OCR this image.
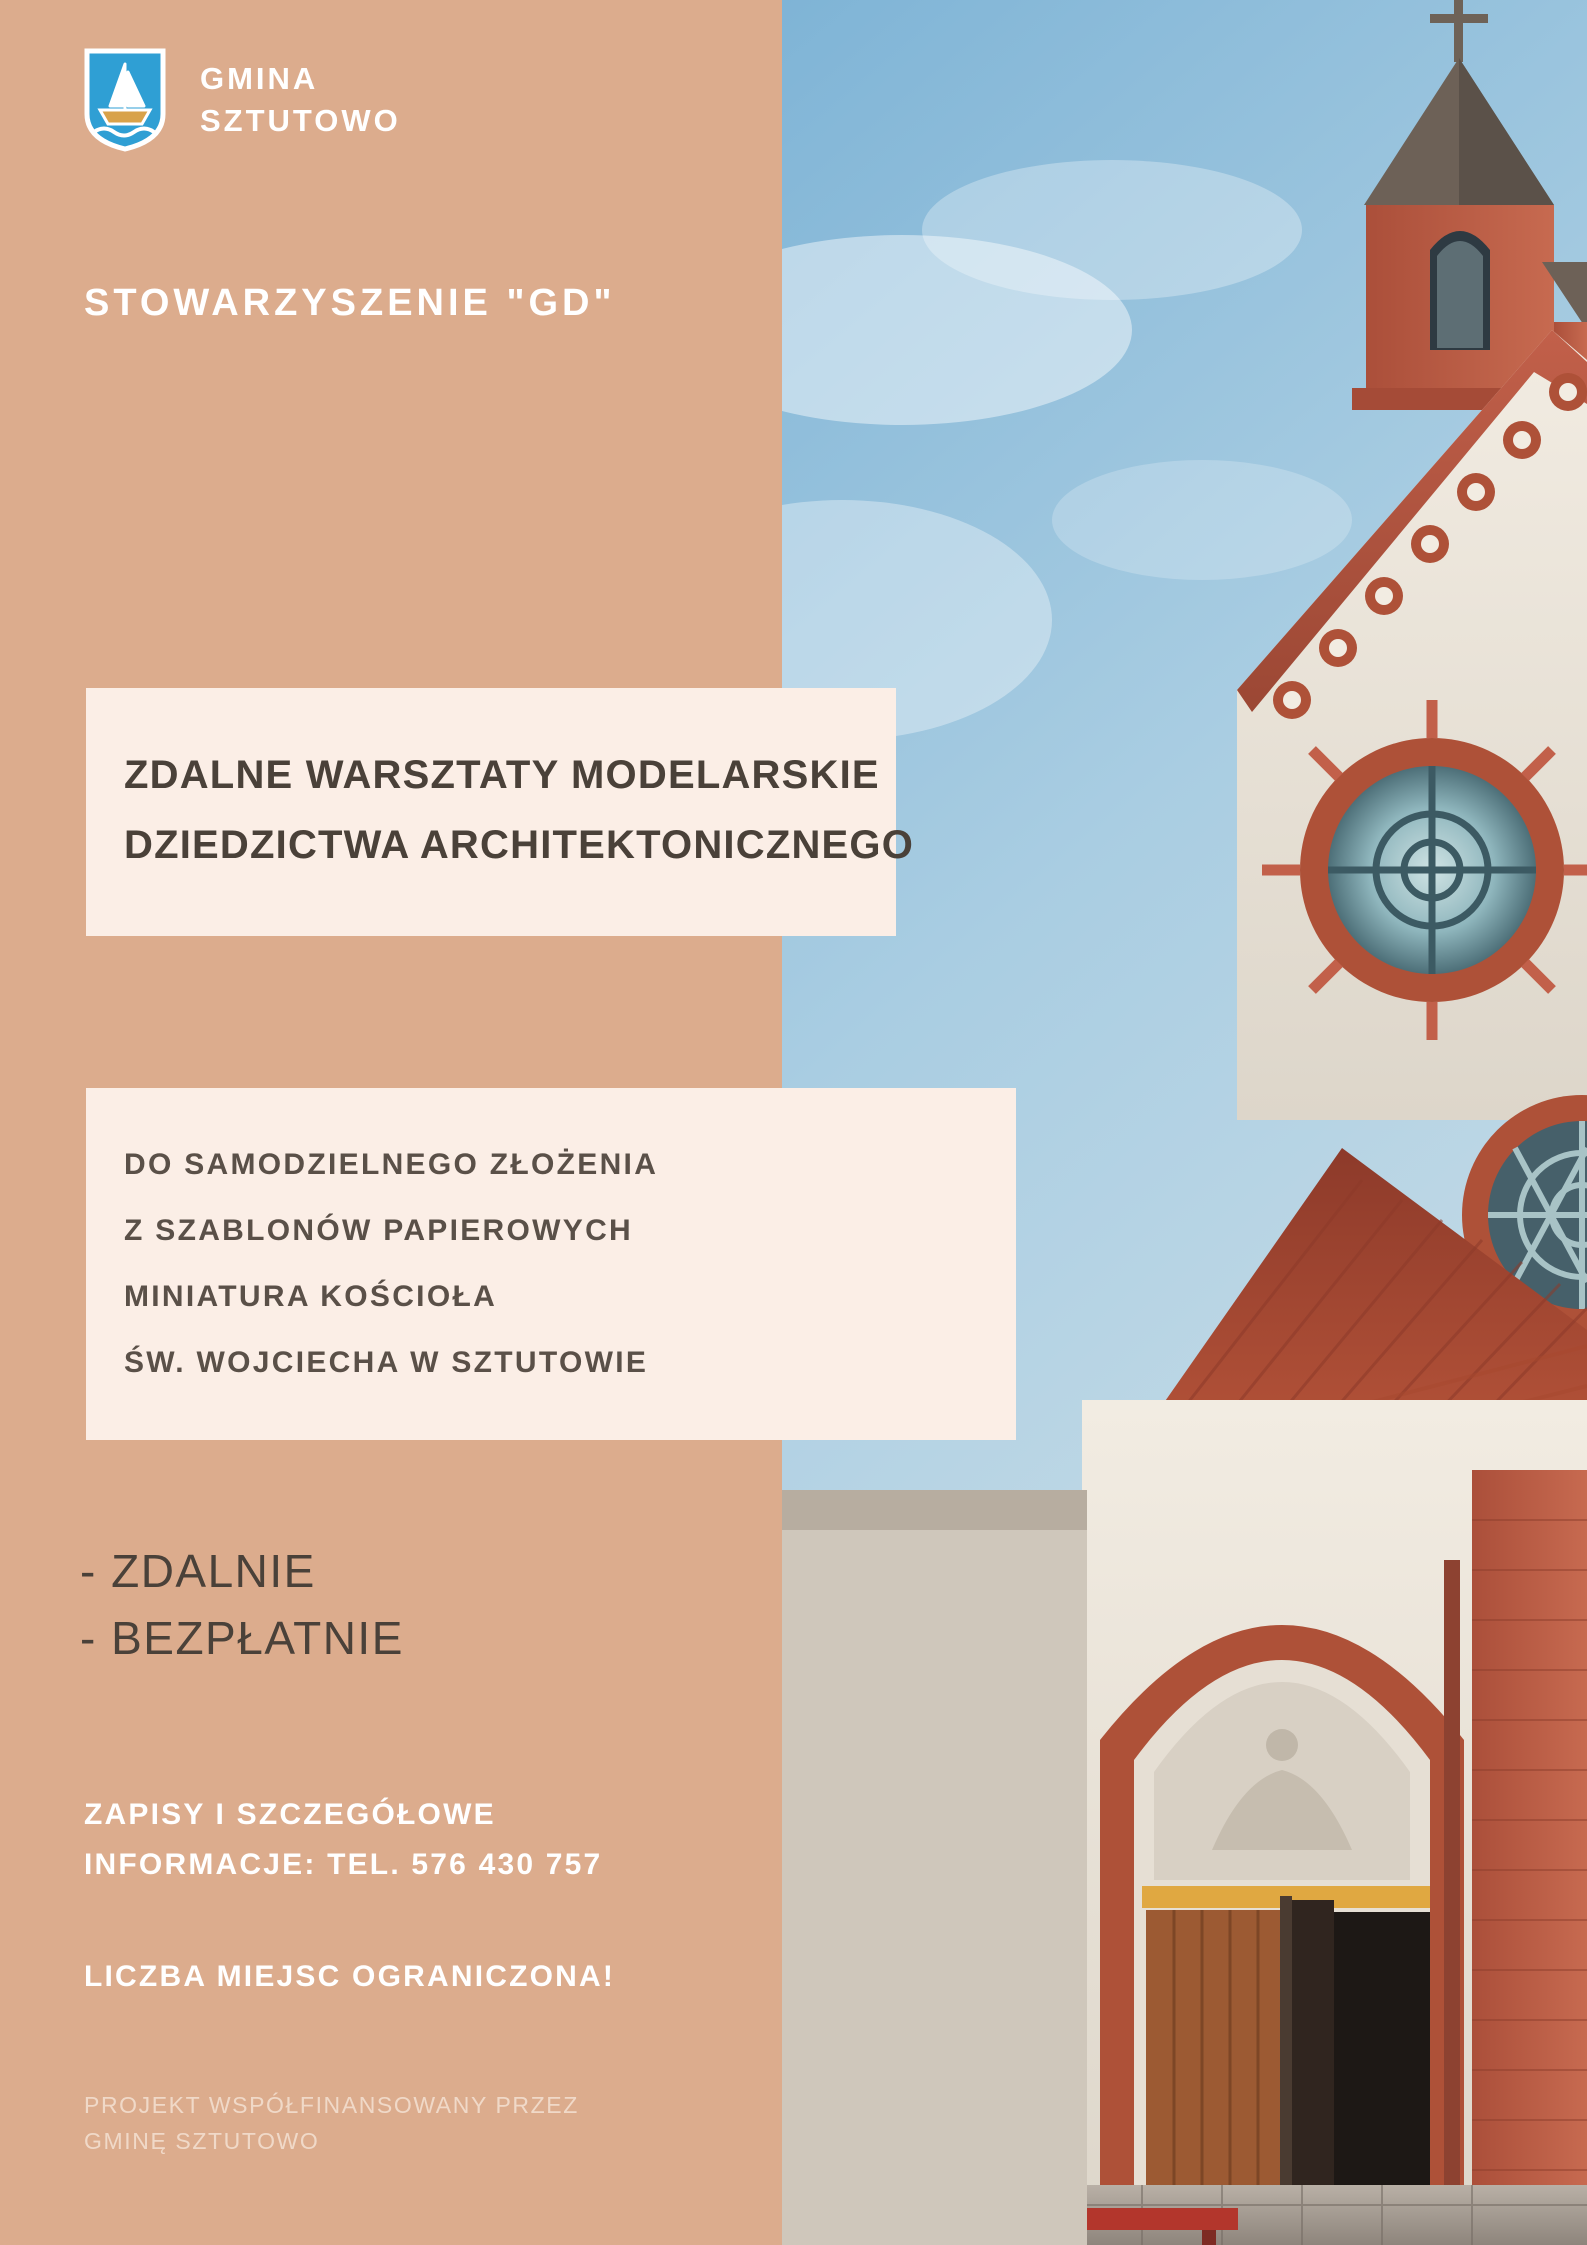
GMINA
SZTUTOWO
STOWARZYSZENIE "GD"
ZDALNE WARSZTATY MODELARSKIE
DZIEDZICTWA ARCHITEKTONICZNEGO
DO SAMODZIELNEGO ZŁOŻENIA
Z SZABLONÓW PAPIEROWYCH
MINIATURA KOŚCIOŁA
ŚW. WOJCIECHA W SZTUTOWIE
- ZDALNIE
- BEZPŁATNIE
ZAPISY I SZCZEGÓŁOWE
INFORMACJE: TEL. 576 430 757
LICZBA MIEJSC OGRANICZONA!
PROJEKT WSPÓŁFINANSOWANY PRZEZ
GMINĘ SZTUTOWO
